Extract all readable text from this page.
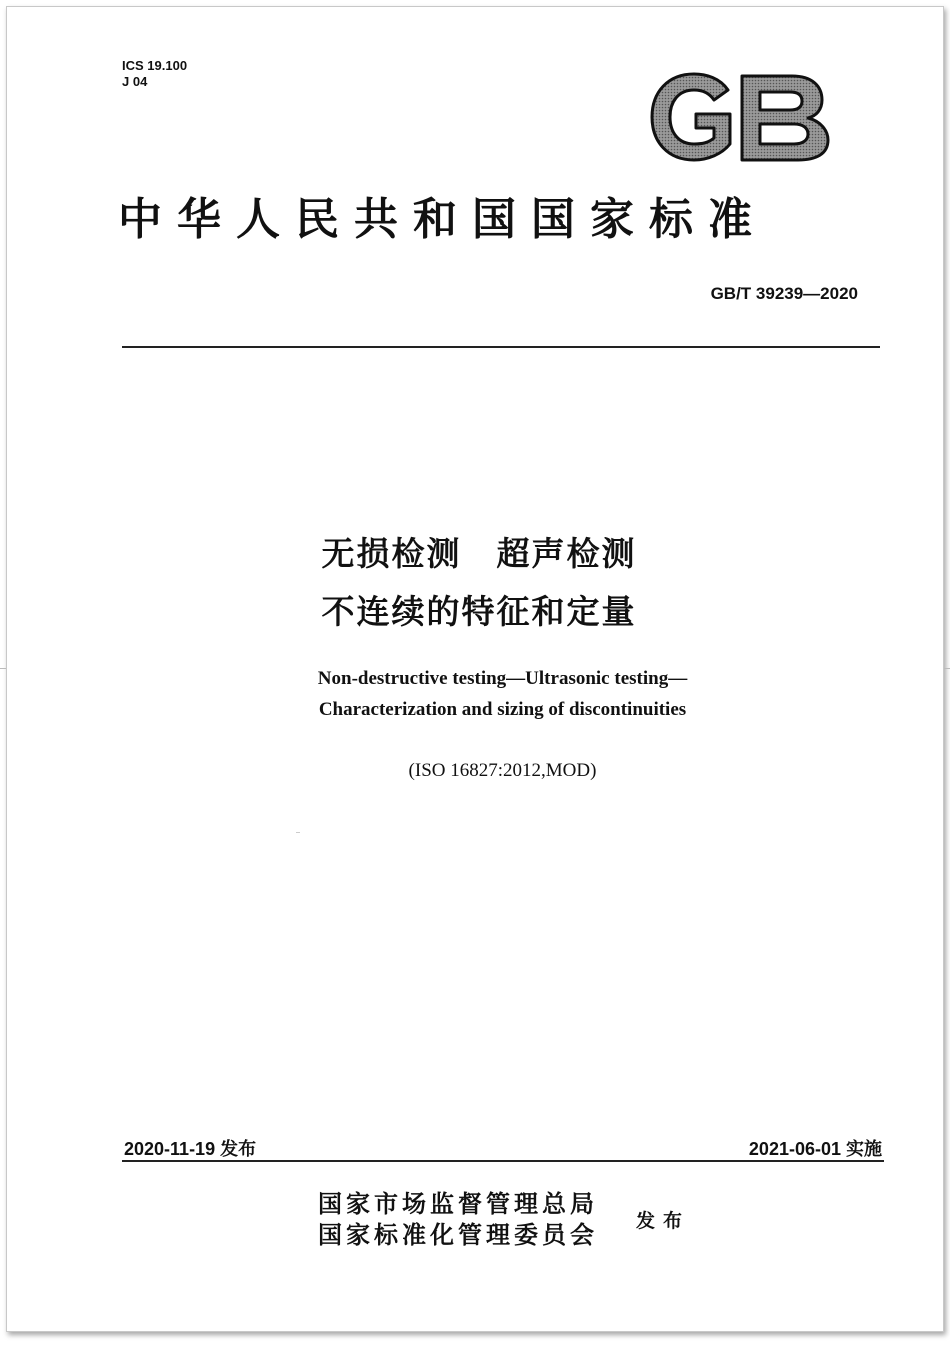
ICS 19.100
J 04
中华人民共和国国家标准
GB/T 39239—2020
无损检测　超声检测
不连续的特征和定量
Non-destructive testing—Ultrasonic testing—
Characterization and sizing of discontinuities
(ISO 16827:2012,MOD)
2020-11-19 发布	2021-06-01 实施
国家市场监督管理总局
国家标准化管理委员会 发布
